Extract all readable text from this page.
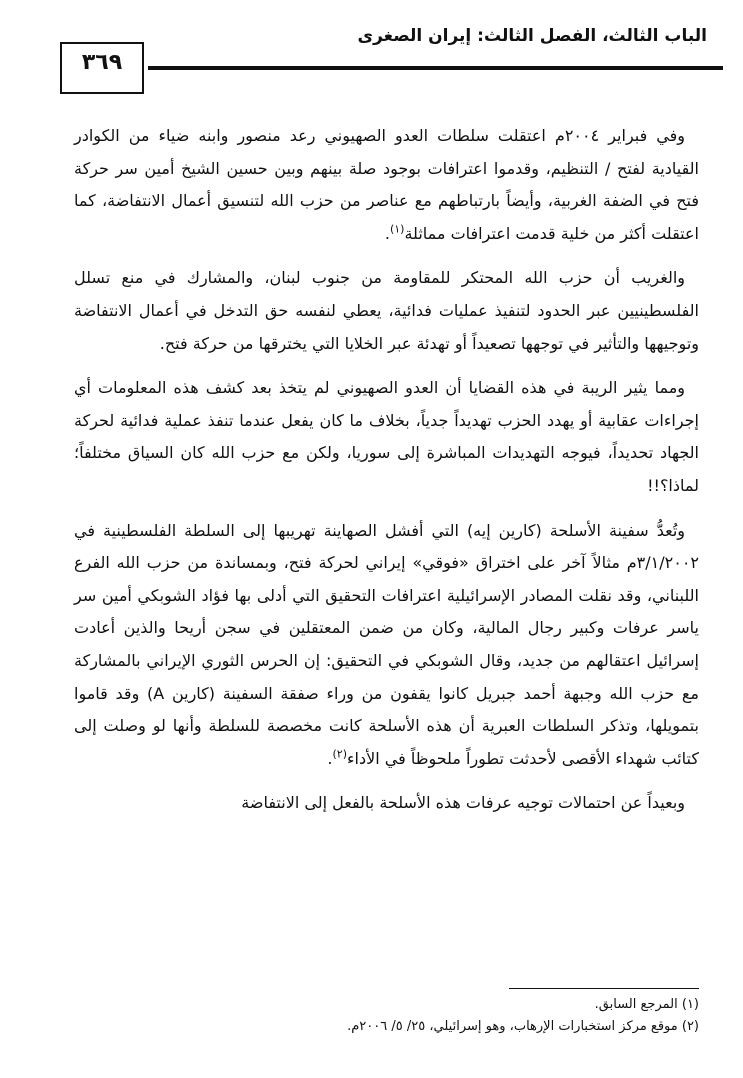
الباب الثالث، الفصل الثالث: إيران الصغرى
٣٦٩

وفي فبراير ٢٠٠٤م اعتقلت سلطات العدو الصهيوني رعد منصور وابنه ضياء من الكوادر القيادية لفتح / التنظيم، وقدموا اعترافات بوجود صلة بينهم وبين حسين الشيخ أمين سر حركة فتح في الضفة الغربية، وأيضاً بارتباطهم مع عناصر من حزب الله لتنسيق أعمال الانتفاضة، كما اعتقلت أكثر من خلية قدمت اعترافات مماثلة$^{(١)}$.

والغريب أن حزب الله المحتكر للمقاومة من جنوب لبنان، والمشارك في منع تسلل الفلسطينيين عبر الحدود لتنفيذ عمليات فدائية، يعطي لنفسه حق التدخل في أعمال الانتفاضة وتوجيهها والتأثير في توجهها تصعيداً أو تهدئة عبر الخلايا التي يخترقها من حركة فتح.

ومما يثير الريبة في هذه القضايا أن العدو الصهيوني لم يتخذ بعد كشف هذه المعلومات أي إجراءات عقابية أو يهدد الحزب تهديداً جدياً، بخلاف ما كان يفعل عندما تنفذ عملية فدائية لحركة الجهاد تحديداً، فيوجه التهديدات المباشرة إلى سوريا، ولكن مع حزب الله كان السياق مختلفاً؛ لماذا؟!!

وتُعدُّ سفينة الأسلحة (كارين إيه) التي أفشل الصهاينة تهريبها إلى السلطة الفلسطينية في ٣/١/٢٠٠٢م مثالاً آخر على اختراق «فوقي» إيراني لحركة فتح، وبمساندة من حزب الله الفرع اللبناني، وقد نقلت المصادر الإسرائيلية اعترافات التحقيق التي أدلى بها فؤاد الشوبكي أمين سر ياسر عرفات وكبير رجال المالية، وكان من ضمن المعتقلين في سجن أريحا والذين أعادت إسرائيل اعتقالهم من جديد، وقال الشوبكي في التحقيق: إن الحرس الثوري الإيراني بالمشاركة مع حزب الله وجبهة أحمد جبريل كانوا يقفون من وراء صفقة السفينة (كارين A) وقد قاموا بتمويلها، وتذكر السلطات العبرية أن هذه الأسلحة كانت مخصصة للسلطة وأنها لو وصلت إلى كتائب شهداء الأقصى لأحدثت تطوراً ملحوظاً في الأداء$^{(٢)}$.

وبعيداً عن احتمالات توجيه عرفات هذه الأسلحة بالفعل إلى الانتفاضة

(١) المرجع السابق.

(٢) موقع مركز استخبارات الإرهاب، وهو إسرائيلي، ٢٥/ ٥/ ٢٠٠٦م.
